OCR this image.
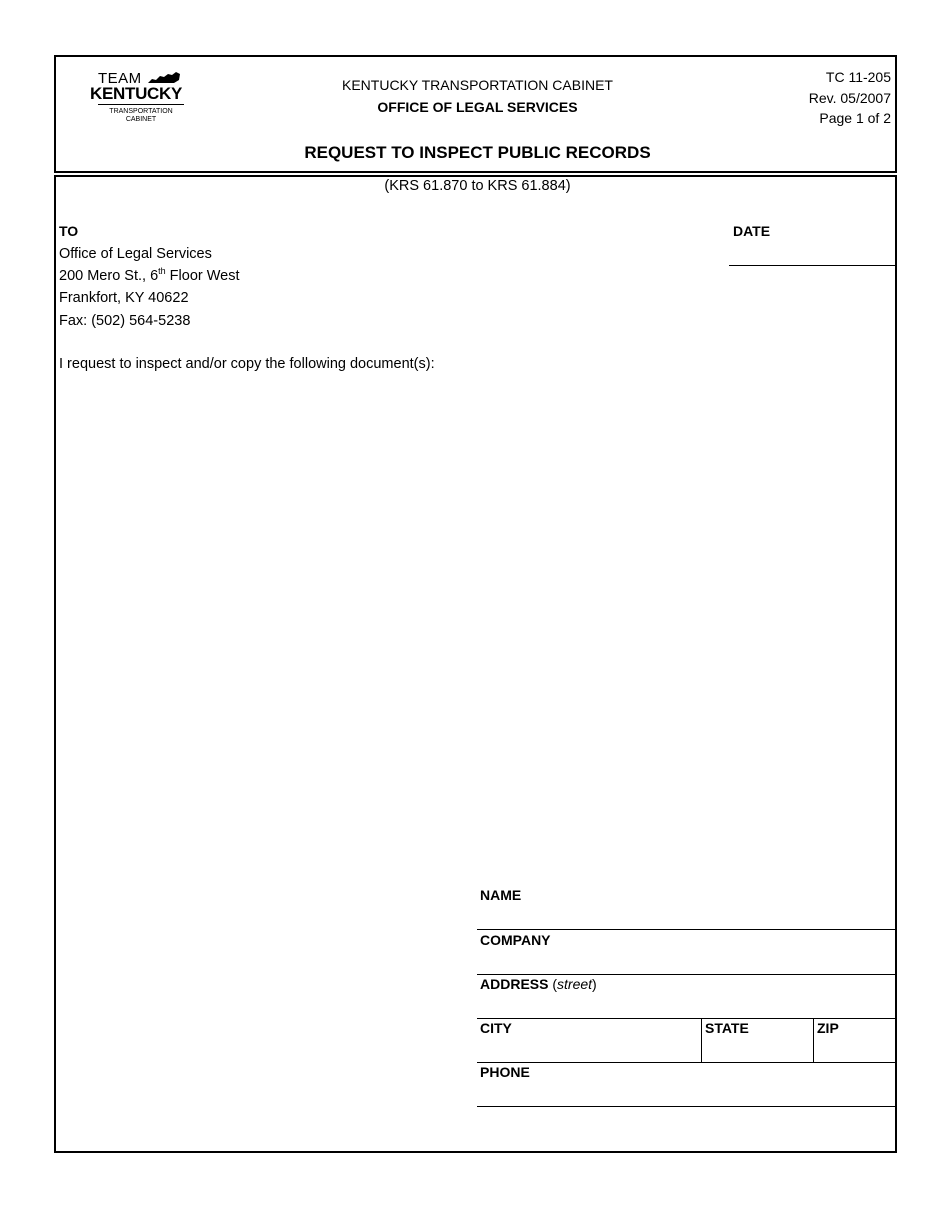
TEAM
KENTUCKY
TRANSPORTATION
CABINET
KENTUCKY TRANSPORTATION CABINET
OFFICE OF LEGAL SERVICES
TC 11-205
Rev. 05/2007
Page 1 of 2
REQUEST TO INSPECT PUBLIC RECORDS
(KRS 61.870 to KRS 61.884)
TO
Office of Legal Services
200 Mero St., 6th Floor West
Frankfort, KY 40622
Fax: (502) 564-5238
DATE
I request to inspect and/or copy the following document(s):
NAME
COMPANY
ADDRESS (street)
CITY	STATE	ZIP
PHONE
